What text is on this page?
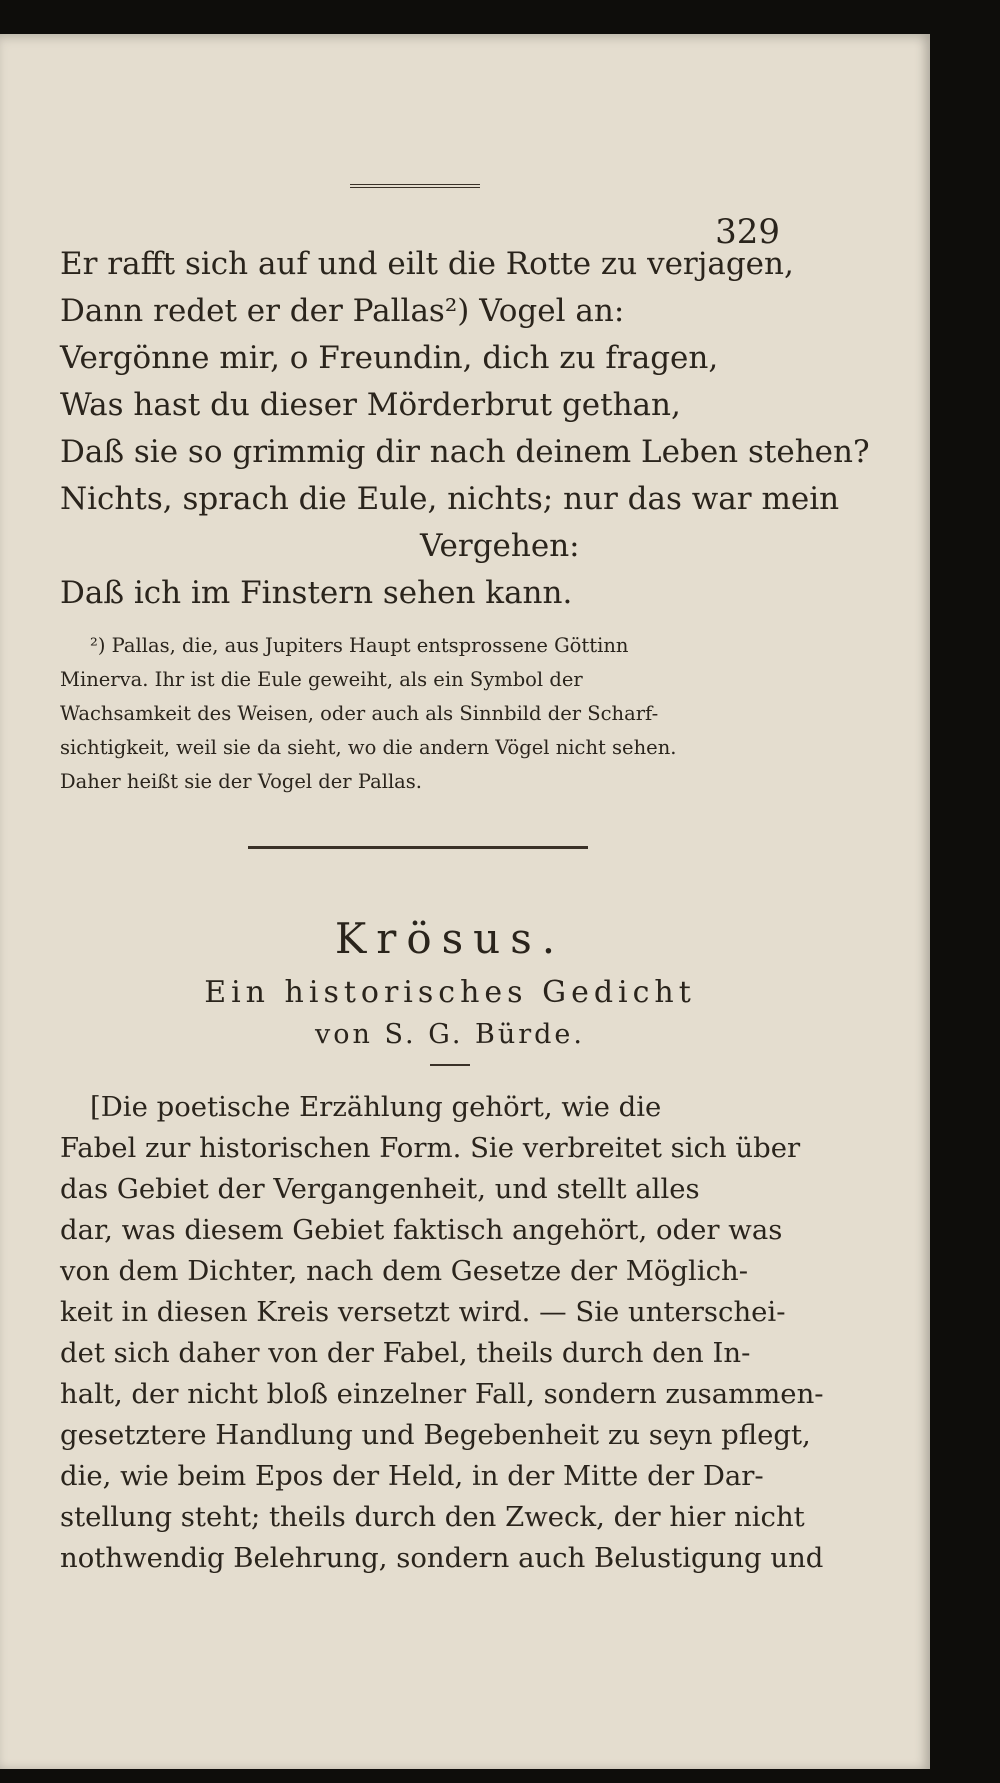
329
Er rafft sich auf und eilt die Rotte zu verjagen,
Dann redet er der Pallas²) Vogel an:
Vergönne mir, o Freundin, dich zu fragen,
Was hast du dieser Mörderbrut gethan,
Daß sie so grimmig dir nach deinem Leben stehen?
Nichts, sprach die Eule, nichts; nur das war mein
Vergehen:
Daß ich im Finstern sehen kann.
²) Pallas, die, aus Jupiters Haupt entsprossene Göttinn
Minerva. Ihr ist die Eule geweiht, als ein Symbol der
Wachsamkeit des Weisen, oder auch als Sinnbild der Scharf-
sichtigkeit, weil sie da sieht, wo die andern Vögel nicht sehen.
Daher heißt sie der Vogel der Pallas.
Krösus.
Ein historisches Gedicht
von S. G. Bürde.
[Die poetische Erzählung gehört, wie die
Fabel zur historischen Form. Sie verbreitet sich über
das Gebiet der Vergangenheit, und stellt alles
dar, was diesem Gebiet faktisch angehört, oder was
von dem Dichter, nach dem Gesetze der Möglich-
keit in diesen Kreis versetzt wird. — Sie unterschei-
det sich daher von der Fabel, theils durch den In-
halt, der nicht bloß einzelner Fall, sondern zusammen-
gesetztere Handlung und Begebenheit zu seyn pflegt,
die, wie beim Epos der Held, in der Mitte der Dar-
stellung steht; theils durch den Zweck, der hier nicht
nothwendig Belehrung, sondern auch Belustigung und
